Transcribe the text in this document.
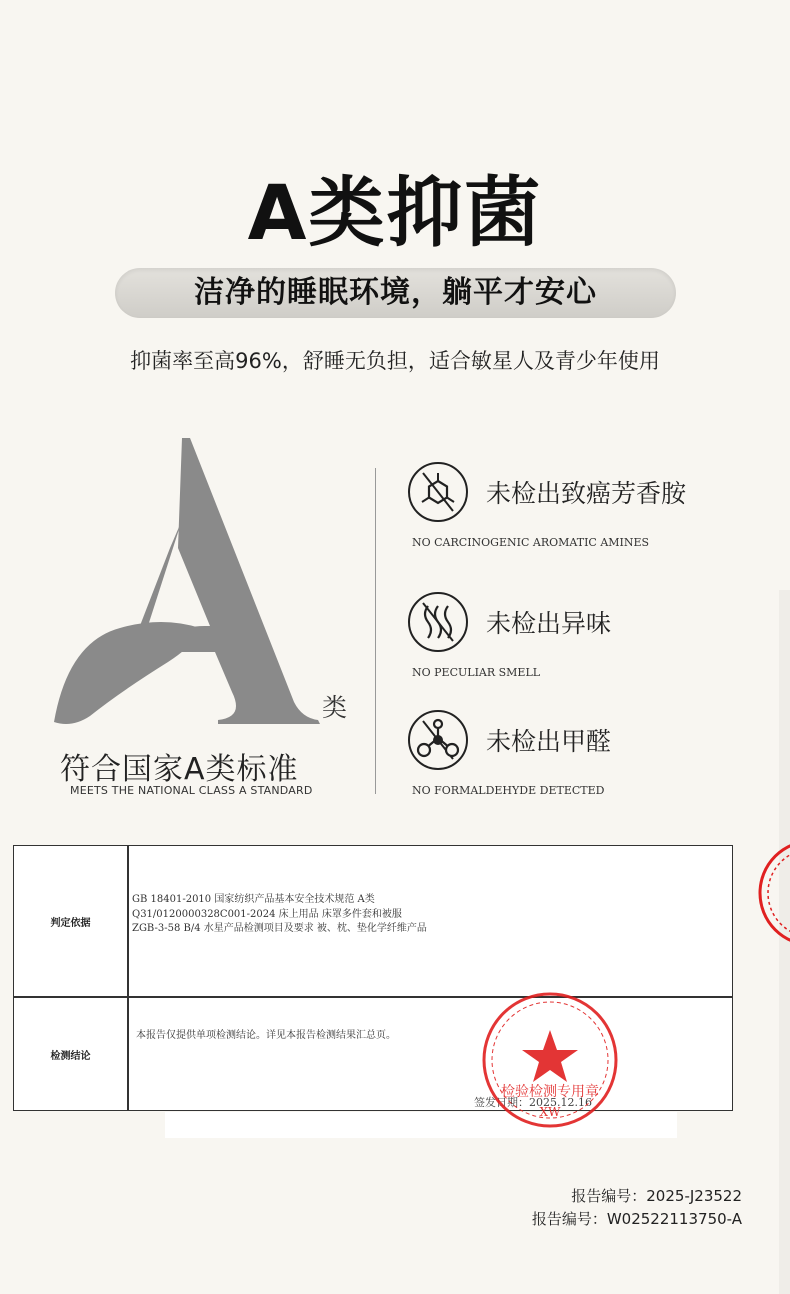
A类抑菌
洁净的睡眠环境，躺平才安心
抑菌率至高96%，舒睡无负担，适合敏星人及青少年使用
类
符合国家A类标准
MEETS THE NATIONAL CLASS A STANDARD
未检出致癌芳香胺
NO CARCINOGENIC AROMATIC AMINES
未检出异味
NO PECULIAR SMELL
未检出甲醛
NO FORMALDEHYDE DETECTED
判定依据
GB 18401-2010 国家纺织产品基本安全技术规范 A类
Q31/0120000328C001-2024 床上用品 床罩多件套和被服
ZGB-3-58 B/4 水星产品检测项目及要求 被、枕、垫化学纤维产品
检测结论
本报告仅提供单项检测结论。详见本报告检测结果汇总页。
签发日期：2025.12.16
检验检测专用章
XW
报告编号：2025-J23522
报告编号：W02522113750-A
